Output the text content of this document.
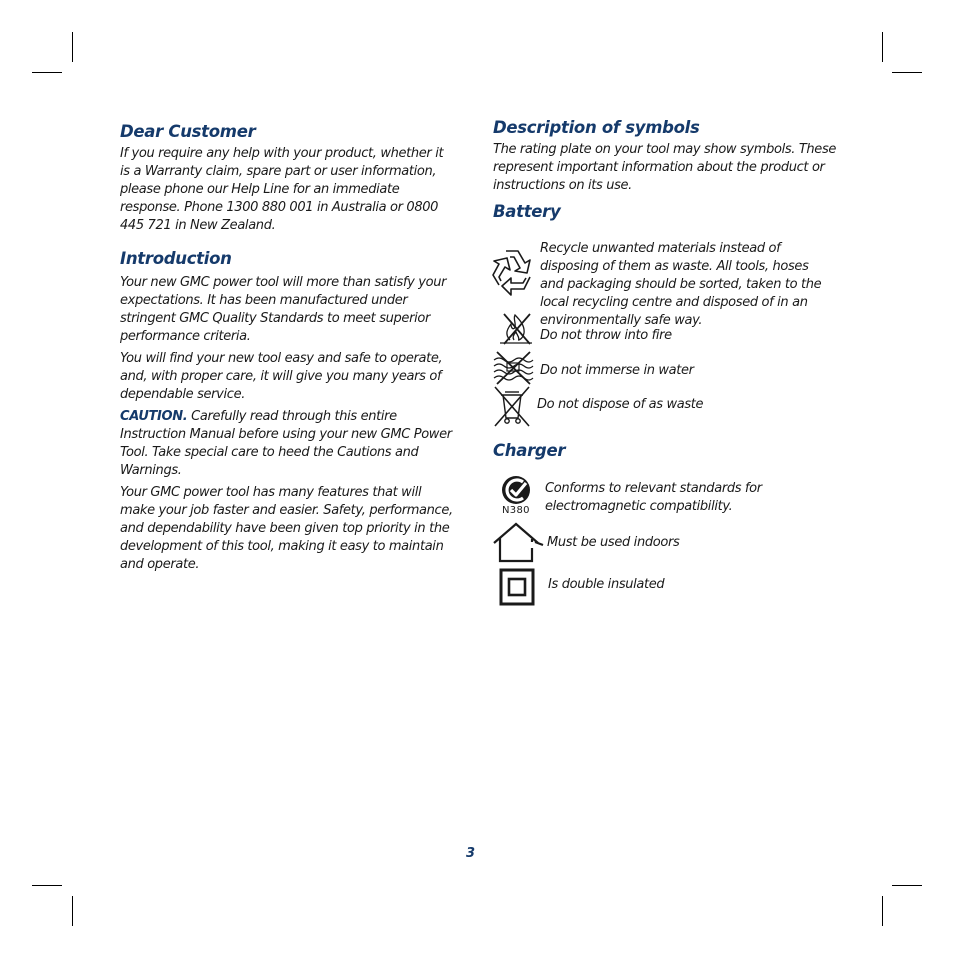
Dear Customer

If you require any help with your product, whether it is a Warranty claim, spare part or user information, please phone our Help Line for an immediate response. Phone 1300 880 001 in Australia or 0800 445 721 in New Zealand.

Introduction

Your new GMC power tool will more than satisfy your expectations. It has been manufactured under stringent GMC Quality Standards to meet superior performance criteria.

You will find your new tool easy and safe to operate, and, with proper care, it will give you many years of dependable service.

CAUTION. Carefully read through this entire Instruction Manual before using your new GMC Power Tool. Take special care to heed the Cautions and Warnings.

Your GMC power tool has many features that will make your job faster and easier. Safety, performance, and dependability have been given top priority in the development of this tool, making it easy to maintain and operate.

Description of symbols

The rating plate on your tool may show symbols. These represent important information about the product or instructions on its use.

Battery
Recycle unwanted materials instead of disposing of them as waste. All tools, hoses and packaging should be sorted, taken to the local recycling centre and disposed of in an environmentally safe way.
Do not throw into fire
Do not immerse in water
Do not dispose of as waste
Charger
N380
Conforms to relevant standards for electromagnetic compatibility.
Must be used indoors
Is double insulated
3
